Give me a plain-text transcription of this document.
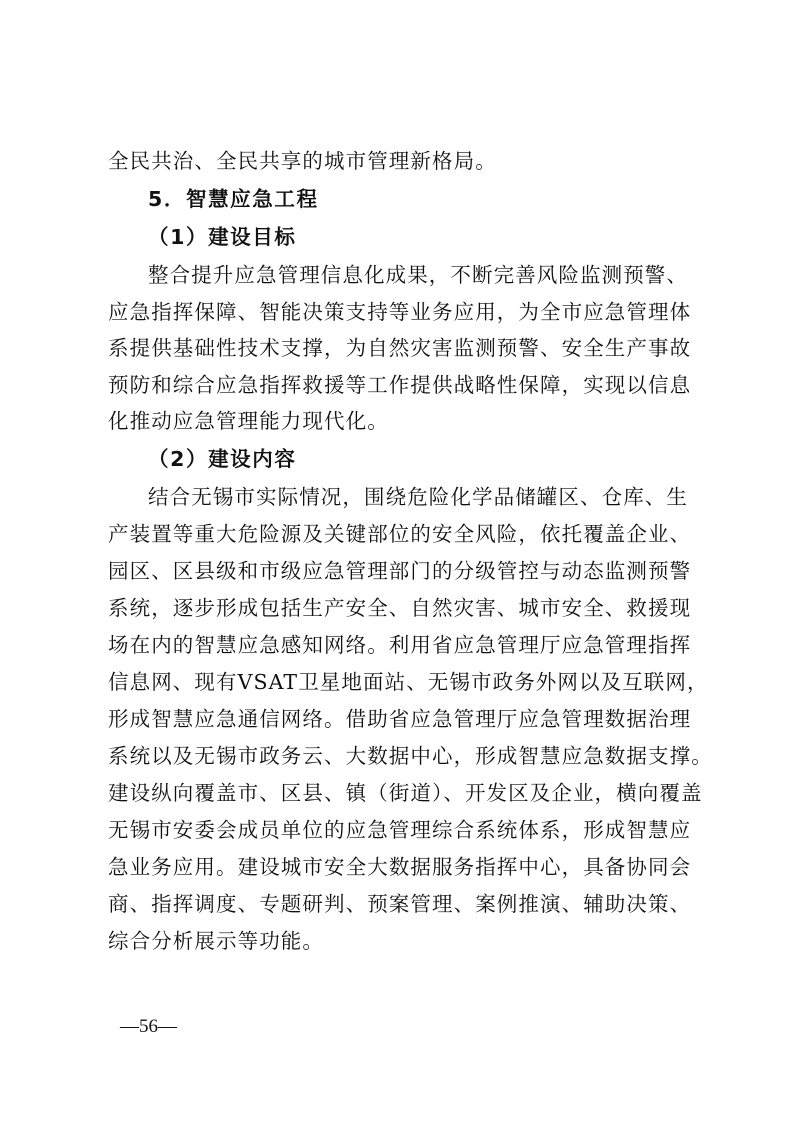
全民共治、全民共享的城市管理新格局。
5．智慧应急工程
（1）建设目标
整合提升应急管理信息化成果，不断完善风险监测预警、
应急指挥保障、智能决策支持等业务应用，为全市应急管理体
系提供基础性技术支撑，为自然灾害监测预警、安全生产事故
预防和综合应急指挥救援等工作提供战略性保障，实现以信息
化推动应急管理能力现代化。
（2）建设内容
结合无锡市实际情况，围绕危险化学品储罐区、仓库、生
产装置等重大危险源及关键部位的安全风险，依托覆盖企业、
园区、区县级和市级应急管理部门的分级管控与动态监测预警
系统，逐步形成包括生产安全、自然灾害、城市安全、救援现
场在内的智慧应急感知网络。利用省应急管理厅应急管理指挥
信息网、现有VSAT卫星地面站、无锡市政务外网以及互联网，
形成智慧应急通信网络。借助省应急管理厅应急管理数据治理
系统以及无锡市政务云、大数据中心，形成智慧应急数据支撑。
建设纵向覆盖市、区县、镇（街道）、开发区及企业，横向覆盖
无锡市安委会成员单位的应急管理综合系统体系，形成智慧应
急业务应用。建设城市安全大数据服务指挥中心，具备协同会
商、指挥调度、专题研判、预案管理、案例推演、辅助决策、
综合分析展示等功能。
—56—
